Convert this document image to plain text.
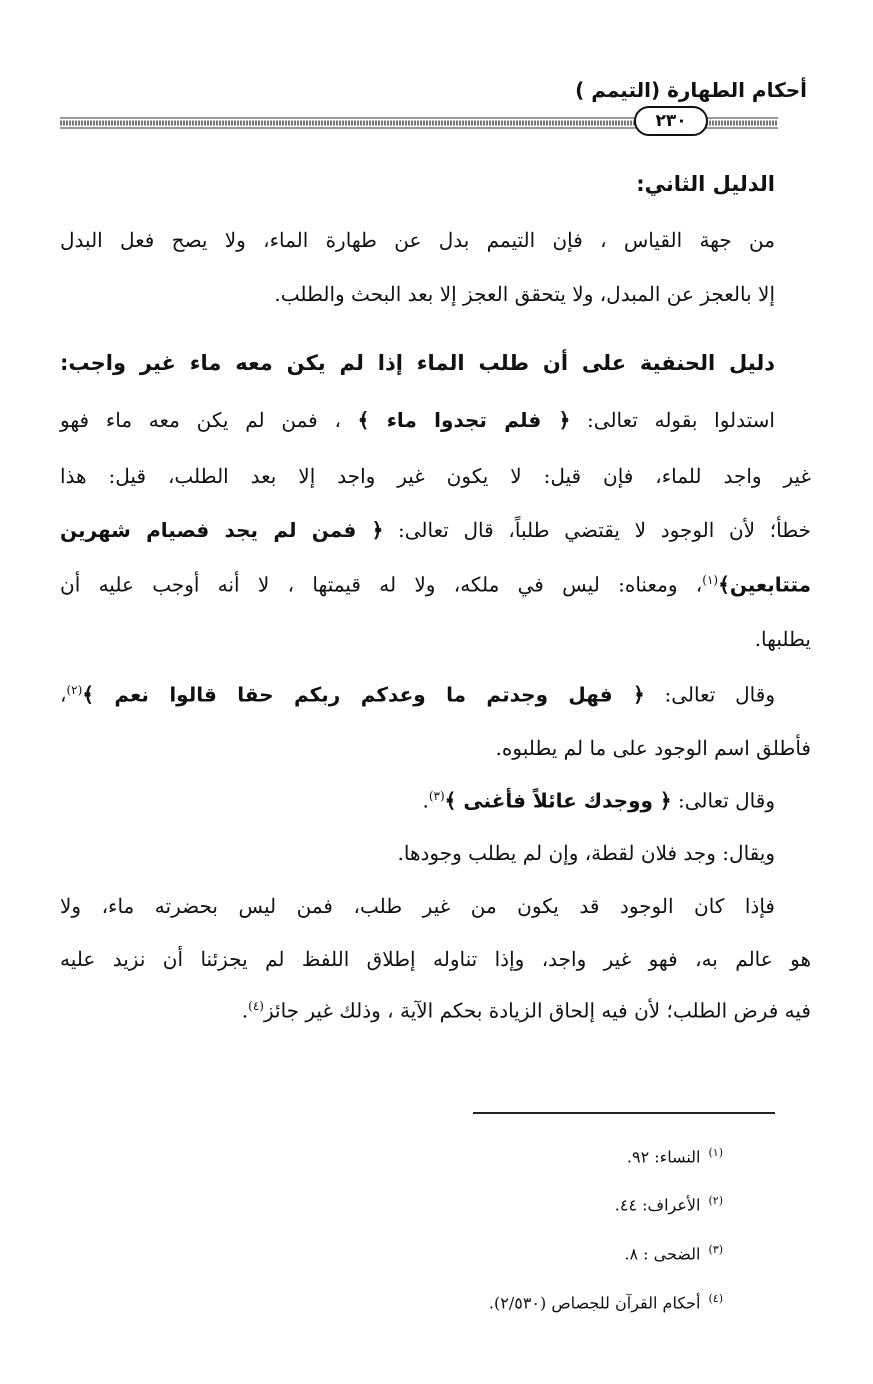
أحكام الطهارة (التيمم )
٢٣٠
الدليل الثاني:
من جهة القياس ، فإن التيمم بدل عن طهارة الماء، ولا يصح فعل البدل
إلا بالعجز عن المبدل، ولا يتحقق العجز إلا بعد البحث والطلب.
دليل الحنفية على أن طلب الماء إذا لم يكن معه ماء غير واجب:
استدلوا بقوله تعالى: ﴿ فلم تجدوا ماء ﴾ ، فمن لم يكن معه ماء فهو
غير واجد للماء، فإن قيل: لا يكون غير واجد إلا بعد الطلب، قيل: هذا
خطأ؛ لأن الوجود لا يقتضي طلباً، قال تعالى: ﴿ فمن لم يجد فصيام شهرين
متتابعين﴾$^{(١)}$، ومعناه: ليس في ملكه، ولا له قيمتها ، لا أنه أوجب عليه أن
يطلبها.
وقال تعالى: ﴿ فهل وجدتم ما وعدكم ربكم حقا قالوا نعم ﴾$^{(٢)}$،
فأطلق اسم الوجود على ما لم يطلبوه.
وقال تعالى: ﴿ ووجدك عائلاً فأغنى ﴾$^{(٣)}$.
ويقال: وجد فلان لقطة، وإن لم يطلب وجودها.
فإذا كان الوجود قد يكون من غير طلب، فمن ليس بحضرته ماء، ولا
هو عالم به، فهو غير واجد، وإذا تناوله إطلاق اللفظ لم يجزئنا أن نزيد عليه
فيه فرض الطلب؛ لأن فيه إلحاق الزيادة بحكم الآية ، وذلك غير جائز$^{(٤)}$.
$^{(١)}$النساء: ٩٢.
$^{(٢)}$الأعراف: ٤٤.
$^{(٣)}$الضحى : ٨.
$^{(٤)}$أحكام القرآن للجصاص (٢/٥٣٠).
